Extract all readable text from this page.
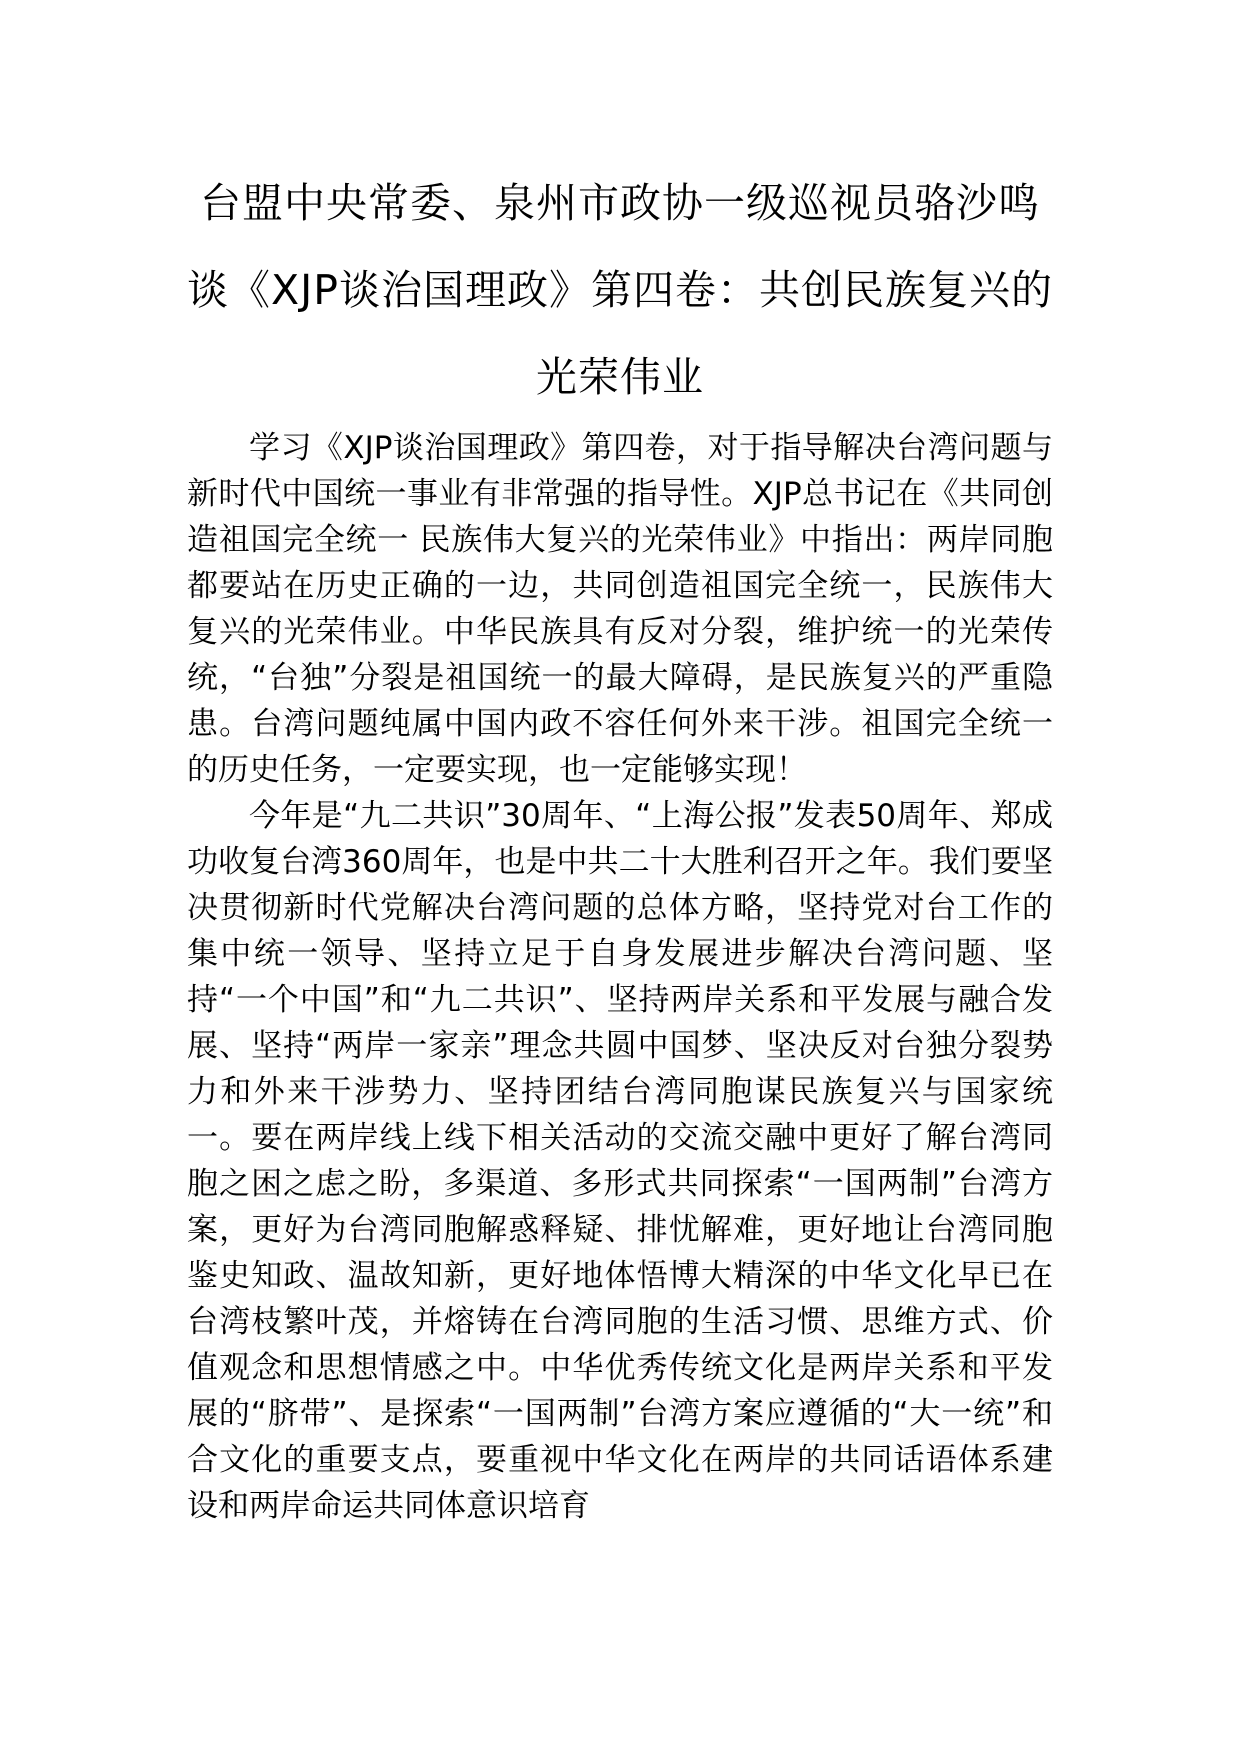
台盟中央常委、泉州市政协一级巡视员骆沙鸣谈《XJP谈治国理政》第四卷：共创民族复兴的光荣伟业

学习《XJP谈治国理政》第四卷，对于指导解决台湾问题与新时代中国统一事业有非常强的指导性。XJP总书记在《共同创造祖国完全统一 民族伟大复兴的光荣伟业》中指出：两岸同胞都要站在历史正确的一边，共同创造祖国完全统一，民族伟大复兴的光荣伟业。中华民族具有反对分裂，维护统一的光荣传统，“台独”分裂是祖国统一的最大障碍，是民族复兴的严重隐患。台湾问题纯属中国内政不容任何外来干涉。祖国完全统一的历史任务，一定要实现，也一定能够实现！

今年是“九二共识”30周年、“上海公报”发表50周年、郑成功收复台湾360周年，也是中共二十大胜利召开之年。我们要坚决贯彻新时代党解决台湾问题的总体方略，坚持党对台工作的集中统一领导、坚持立足于自身发展进步解决台湾问题、坚持“一个中国”和“九二共识”、坚持两岸关系和平发展与融合发展、坚持“两岸一家亲”理念共圆中国梦、坚决反对台独分裂势力和外来干涉势力、坚持团结台湾同胞谋民族复兴与国家统一。要在两岸线上线下相关活动的交流交融中更好了解台湾同胞之困之虑之盼，多渠道、多形式共同探索“一国两制”台湾方案，更好为台湾同胞解惑释疑、排忧解难，更好地让台湾同胞鉴史知政、温故知新，更好地体悟博大精深的中华文化早已在台湾枝繁叶茂，并熔铸在台湾同胞的生活习惯、思维方式、价值观念和思想情感之中。中华优秀传统文化是两岸关系和平发展的“脐带”、是探索“一国两制”台湾方案应遵循的“大一统”和合文化的重要支点，要重视中华文化在两岸的共同话语体系建设和两岸命运共同体意识培育
